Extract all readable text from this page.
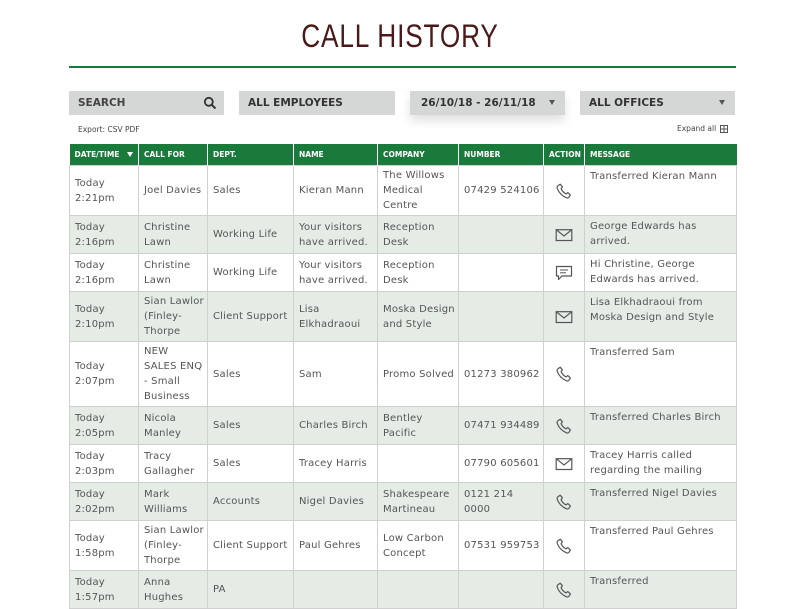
CALL HISTORY
SEARCH	ALL EMPLOYEES	26/10/18 - 26/11/18	ALL OFFICES
Export: CSV PDF	Expand all
DATE/TIME	CALL FOR	DEPT.	NAME	COMPANY	NUMBER	ACTION	MESSAGE

Today
2:21pm	Joel Davies	Sales	Kieran Mann	The Willows Medical Centre	07429 524106		Transferred Kieran Mann

Today
2:16pm	Christine Lawn	Working Life	Your visitors have arrived.	Reception Desk			George Edwards has arrived.

Today
2:16pm	Christine Lawn	Working Life	Your visitors have arrived.	Reception Desk			Hi Christine, George Edwards has arrived.

Today
2:10pm	Sian Lawlor (Finley-Thorpe	Client Support	Lisa Elkhadraoui	Moska Design and Style			Lisa Elkhadraoui from Moska Design and Style

Today
2:07pm	NEW SALES ENQ - Small Business	Sales	Sam	Promo Solved	01273 380962		Transferred Sam

Today
2:05pm	Nicola Manley	Sales	Charles Birch	Bentley Pacific	07471 934489		Transferred Charles Birch

Today
2:03pm	Tracy Gallagher	Sales	Tracey Harris		07790 605601		Tracey Harris called regarding the mailing

Today
2:02pm	Mark Williams	Accounts	Nigel Davies	Shakespeare Martineau	0121 214 0000		Transferred Nigel Davies

Today
1:58pm	Sian Lawlor (Finley-Thorpe	Client Support	Paul Gehres	Low Carbon Concept	07531 959753		Transferred Paul Gehres

Today
1:57pm	Anna Hughes	PA					Transferred
